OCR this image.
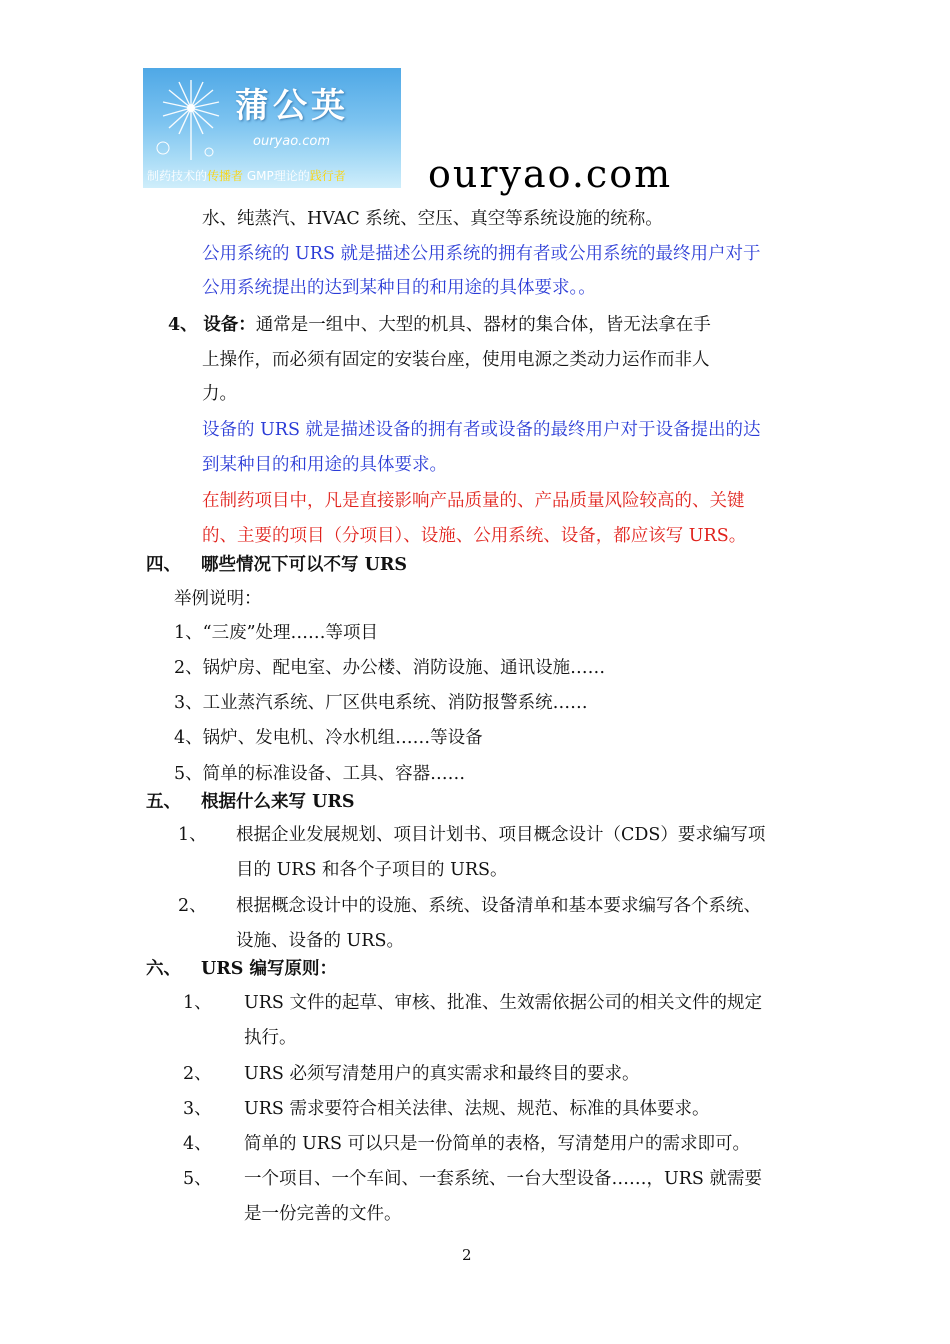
蒲公英
ouryao.com
制药技术的传播者 GMP理论的践行者	ouryao.com
水、纯蒸汽、HVAC 系统、空压、真空等系统设施的统称。
公用系统的 URS 就是描述公用系统的拥有者或公用系统的最终用户对于
公用系统提出的达到某种目的和用途的具体要求。。
4、 设备：通常是一组中、大型的机具、器材的集合体，皆无法拿在手
上操作，而必须有固定的安装台座，使用电源之类动力运作而非人
力。
设备的 URS 就是描述设备的拥有者或设备的最终用户对于设备提出的达
到某种目的和用途的具体要求。
在制药项目中，凡是直接影响产品质量的、产品质量风险较高的、关键
的、主要的项目（分项目）、设施、公用系统、设备，都应该写 URS。
四、 哪些情况下可以不写 URS
举例说明：
1、“三废”处理……等项目
2、锅炉房、配电室、办公楼、消防设施、通讯设施……
3、工业蒸汽系统、厂区供电系统、消防报警系统……
4、锅炉、发电机、冷水机组……等设备
5、简单的标准设备、工具、容器……
五、 根据什么来写 URS
1、 根据企业发展规划、项目计划书、项目概念设计（CDS）要求编写项
目的 URS 和各个子项目的 URS。
2、 根据概念设计中的设施、系统、设备清单和基本要求编写各个系统、
设施、设备的 URS。
六、 URS 编写原则：
1、 URS 文件的起草、审核、批准、生效需依据公司的相关文件的规定
执行。
2、 URS 必须写清楚用户的真实需求和最终目的要求。
3、 URS 需求要符合相关法律、法规、规范、标准的具体要求。
4、 简单的 URS 可以只是一份简单的表格，写清楚用户的需求即可。
5、 一个项目、一个车间、一套系统、一台大型设备……，URS 就需要
是一份完善的文件。
2
